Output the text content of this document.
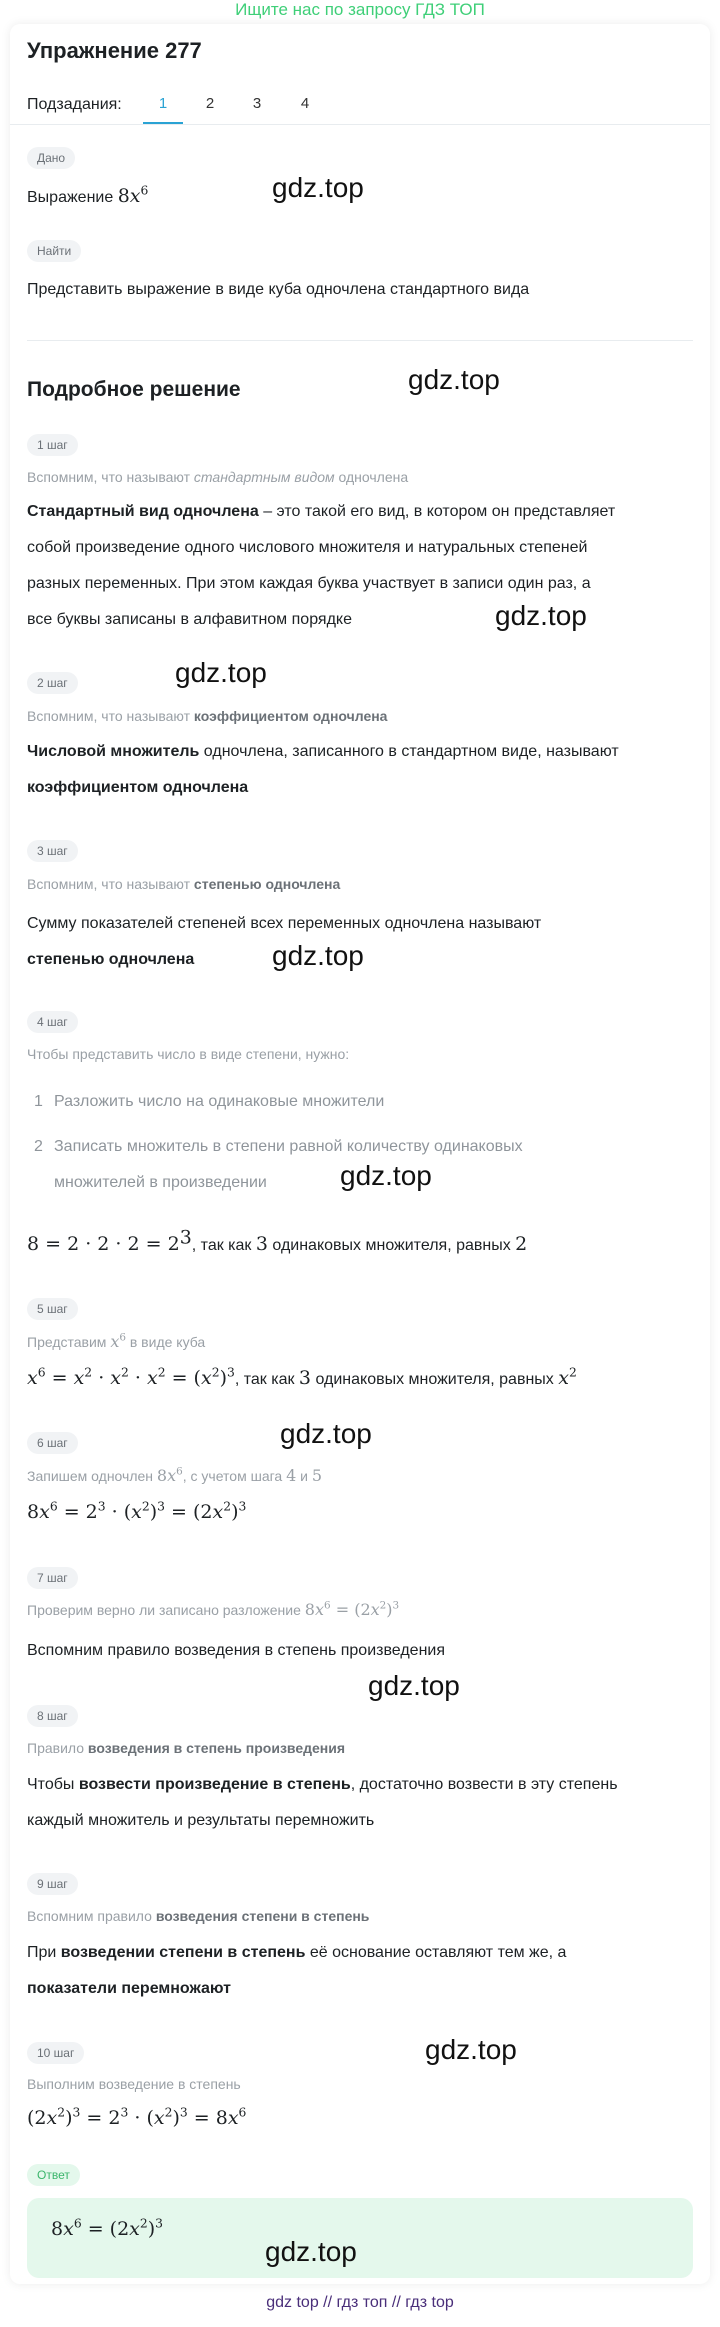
Ищите нас по запросу ГДЗ ТОП
Упражнение 277
Подзадания:	1	2	3	4
Дано
Выражение $8x^6$	gdz.top
Найти
Представить выражение в виде куба одночлена стандартного вида
Подробное решение	gdz.top
1 шаг
Вспомним, что называют стандартным видом одночлена
Стандартный вид одночлена – это такой его вид, в котором он представляет
собой произведение одного числового множителя и натуральных степеней
разных переменных. При этом каждая буква участвует в записи один раз, а
все буквы записаны в алфавитном порядке	gdz.top
gdz.top
2 шаг
Вспомним, что называют коэффициентом одночлена
Числовой множитель одночлена, записанного в стандартном виде, называют
коэффициентом одночлена
3 шаг
Вспомним, что называют степенью одночлена
Сумму показателей степеней всех переменных одночлена называют
степенью одночлена	gdz.top
4 шаг
Чтобы представить число в виде степени, нужно:
1 Разложить число на одинаковые множители
2 Записать множитель в степени равной количеству одинаковых
множителей в произведении	gdz.top
$8 = 2 \cdot 2 \cdot 2 = 2^3$, так как 3 одинаковых множителя, равных 2
5 шаг
Представим $x^6$ в виде куба
$x^6 = x^2 \cdot x^2 \cdot x^2 = (x^2)^3$, так как 3 одинаковых множителя, равных $x^2$
gdz.top
6 шаг
Запишем одночлен $8x^6$, с учетом шага 4 и 5
$8x^6 = 2^3 \cdot (x^2)^3 = (2x^2)^3$
7 шаг
Проверим верно ли записано разложение $8x^6 = (2x^2)^3$
Вспомним правило возведения в степень произведения
gdz.top
8 шаг
Правило возведения в степень произведения
Чтобы возвести произведение в степень, достаточно возвести в эту степень
каждый множитель и результаты перемножить
9 шаг
Вспомним правило возведения степени в степень
При возведении степени в степень её основание оставляют тем же, а
показатели перемножают
10 шаг	gdz.top
Выполним возведение в степень
$(2x^2)^3 = 2^3 \cdot (x^2)^3 = 8x^6$
Ответ
$8x^6 = (2x^2)^3$
gdz.top
gdz top // гдз топ // гдз top
